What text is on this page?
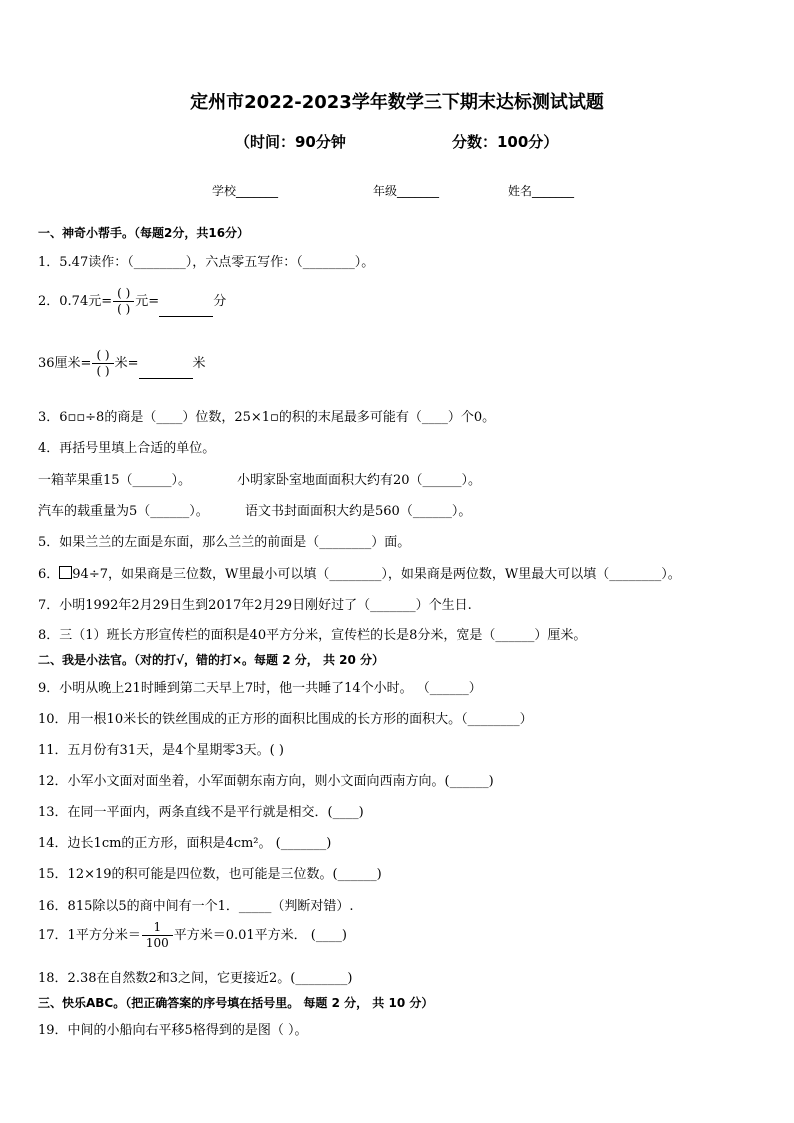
定州市2022-2023学年数学三下期末达标测试试题
（时间：90分钟	分数：100分）
学校_______	年级_______	姓名_______
一、神奇小帮手。（每题2分，共16分）
1．5.47读作：（________），六点零五写作：（________）。
2．0.74元= $\frac{( )}{( )}$ 元=	分
36厘米= $\frac{( )}{( )}$ 米=	米
3．6▫▫÷8的商是（____）位数，25×1▫的积的末尾最多可能有（____）个0。
4．再括号里填上合适的单位。
一箱苹果重15（______）。	小明家卧室地面面积大约有20（______）。
汽车的载重量为5（______）。	语文书封面面积大约是560（______）。
5．如果兰兰的左面是东面，那么兰兰的前面是（________）面。
6． 94÷7，如果商是三位数，W里最小可以填（________），如果商是两位数，W里最大可以填（________）。
7．小明1992年2月29日生到2017年2月29日刚好过了（_______）个生日.
8．三（1）班长方形宣传栏的面积是40平方分米，宣传栏的长是8分米，宽是（______）厘米。
二、我是小法官。（对的打√，错的打×。每题 2 分， 共 20 分）
9．小明从晚上21时睡到第二天早上7时，他一共睡了14个小时。 （______）
10．用一根10米长的铁丝围成的正方形的面积比围成的长方形的面积大。（________）
11．五月份有31天，是4个星期零3天。( )
12．小军小文面对面坐着，小军面朝东南方向，则小文面向西南方向。(______)
13．在同一平面内，两条直线不是平行就是相交．(____)
14．边长1cm的正方形，面积是4cm²。 (_______)
15．12×19的积可能是四位数，也可能是三位数。(______)
16．815除以5的商中间有一个1．_____（判断对错）.
17．1平方分米＝ $\frac{1}{100}$ 平方米＝0.01平方米． (____)
18．2.38在自然数2和3之间，它更接近2。(________)
三、快乐ABC。（把正确答案的序号填在括号里。 每题 2 分， 共 10 分）
19．中间的小船向右平移5格得到的是图（ ）。
